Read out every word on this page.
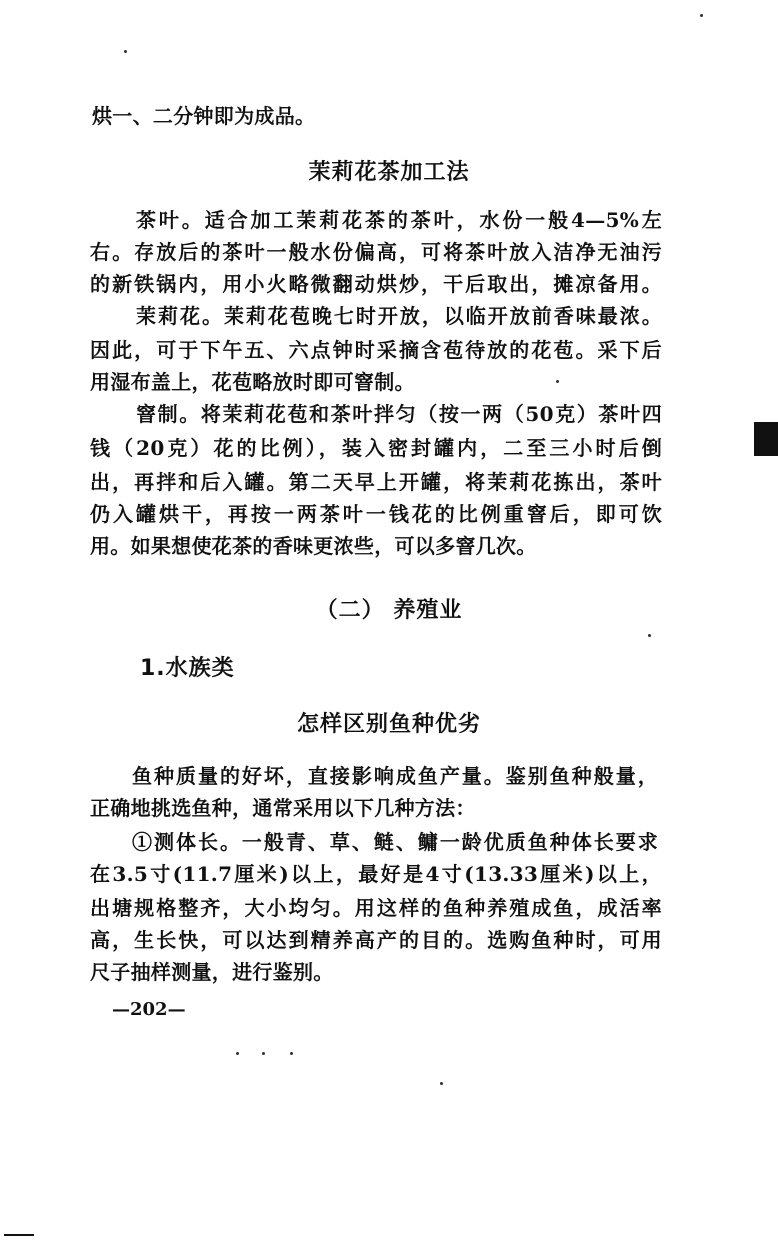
烘一、二分钟即为成品。
茉莉花茶加工法
茶叶。适合加工茉莉花茶的茶叶，水份一般4—5%左
右。存放后的茶叶一般水份偏高，可将茶叶放入洁净无油污
的新铁锅内，用小火略微翻动烘炒，干后取出，摊凉备用。
茉莉花。茉莉花苞晚七时开放，以临开放前香味最浓。
因此，可于下午五、六点钟时采摘含苞待放的花苞。采下后
用湿布盖上，花苞略放时即可窨制。
窨制。将茉莉花苞和茶叶拌匀（按一两（50克）茶叶四
钱（20克）花的比例），装入密封罐内，二至三小时后倒
出，再拌和后入罐。第二天早上开罐，将茉莉花拣出，茶叶
仍入罐烘干，再按一两茶叶一钱花的比例重窨后，即可饮
用。如果想使花茶的香味更浓些，可以多窨几次。
（二） 养殖业
1.水族类
怎样区别鱼种优劣
鱼种质量的好坏，直接影响成鱼产量。鉴别鱼种般量，
正确地挑选鱼种，通常采用以下几种方法：
①测体长。一般青、草、鲢、鳙一龄优质鱼种体长要求
在3.5寸(11.7厘米)以上，最好是4寸(13.33厘米)以上，
出塘规格整齐，大小均匀。用这样的鱼种养殖成鱼，成活率
高，生长快，可以达到精养高产的目的。选购鱼种时，可用
尺子抽样测量，进行鉴别。
—202—
